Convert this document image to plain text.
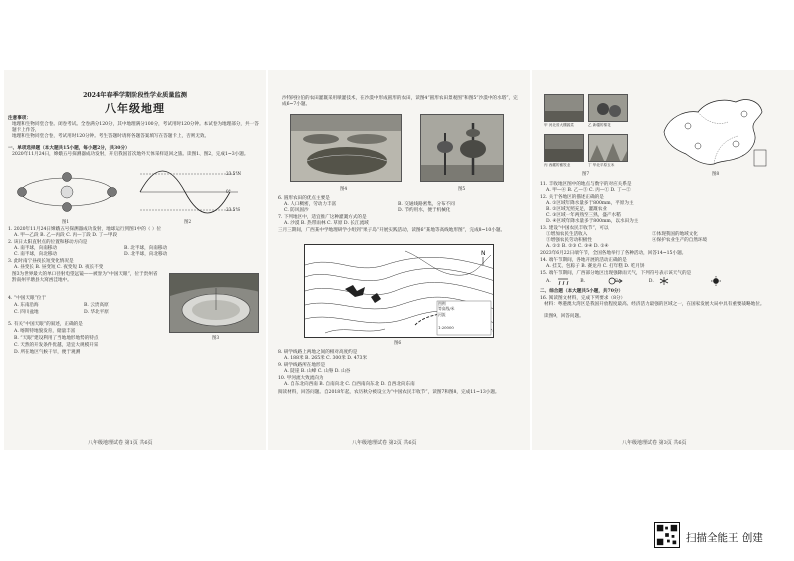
2024年春季学期阶段性学业质量监测
八年级地理
注意事项：
地理和生物同堂合卷。闭卷考试。全卷满分120分，其中地理满分100分，考试用时120分钟。本试卷为地理部分，共一答题卡上作答，
地理和生物同堂合卷，考试用时120分钟。考生答题时请将各题答案填写在答题卡上，否则无效。
一、单项选择题（本大题共15小题，每小题2分，共30分）
2020年11月24日，嫦娥五号探测器成功发射，开启我国首次地外天体采样返回之旅。读图1、图2，完成1~3小题。
图1
23.5°N
0°
23.5°S
图2
1. 2020年11月24日嫦娥五号探测器成功发射，地球运行到图1中的（ ）位
A. 甲—乙段 B. 乙—丙段 C. 丙—丁段 D. 丁—甲段
2. 该日太阳直射点的位置和移动方向是
A. 南半球，向南移动	B. 北半球，向南移动
C. 南半球，向北移动	D. 北半球，向北移动
3. 此时南宁昼夜长短变化情况是
A. 昼变长 B. 昼变短 C. 夜变短 D. 夜长不变
图3为世界最大的单口径射电望远镜——被誉为“中国天眼”，位于贵州省黔南州平塘县大窝凼洼地中。
图3
4. “中国天眼”位于
A. 东南沿海	B. 云贵高原
C. 四川盆地	D. 华北平原
5. 有关“中国天眼”的叙述，正确的是
A. 喀斯特地貌发育，储量丰富
B. “天眼”建设利用了当地地形地势的特点
C. 天然的开发条件优越，适宜大规模开采
D. 所在地区气候干旱，便于观测
八年级地理试卷 第1页 共6页
沙特阿拉伯的农田灌溉采用喷灌技术，在沙漠中形成圆形的农田，读图4“圆形农田景观图”和图5“沙漠中的水塔”，完成6~7小题。
图4	图5
6. 圆形农田的优点主要是
A. 人口稠密，劳动力丰富	B. 交通线路密集，分布不同
C. 防风固沙	D. 节约用水，便于机械化
7. 下列地区中，适宜推广这种灌溉方式的是
A. 沙漠 B. 热带雨林 C. 草原 D. 长江流域
三月三期间，广西某中学地理研学小组到“果子岛”开展实践活动，读图6“某地等高线地形图”，完成8~10小题。
N
图例
等高线/米
河流
1:20000
图6
8. 研学线路上两地之间的相对高度约是
A. 188米 B. 265米 C. 300米 D. 473米
9. 研学线路所在地形是
A. 陡崖 B. 山峰 C. 山脊 D. 山谷
10. 甲河流大致流向为
A. 自东北向西南 B. 自南向北 C. 自西南向东北 D. 自西北向东南
阅读材料，回答问题。自2018年起，农历秋分被设立为“中国农民丰收节”，读图7和图8，完成11~13小题。
八年级地理试卷 第2页 共6页
甲 河北省大棚蔬菜	乙 新疆的棉花
丙 西藏的畜牧业	丁 华北平原玉米
图7	图8
11. 丰收地区图中的地点与数字的对应关系是
A. 甲—④ B. 乙—③ C. 丙—① D. 丁—②
12. 关于各地区的描述正确的是
A. ①区域年降水量多于800mm，平原为主
B. ②区域光照充足，灌溉农业
C. ③区域一年两熟至三熟，盛产水稻
D. ④区域年降水量多于800mm，以水田为主
13. 建设“中国农民丰收节”，可以
①增加农民生活收入	②体现我国的地域文化
③增强农民劳动积极性	④保护农业生产的自然环境
A. ①② B. ②③ C. ③④ D. ①④
2023年6月22日端午节，全国各地举行了各种活动，回答14~15小题。
14. 端午节期间，各地开展的活动正确的是
A. 挂艾、包粽子 B. 赛龙舟 C. 打年糕 D. 吃月饼
15. 端午节期间，广西部分地区出现强降雨天气，下列符号表示该天气的是
A. B. C. D.
二、综合题（本大题共5小题，共70分）
16. 阅读图文材料，完成下列要求（8分）
材料：粤港澳大湾区是我国开放程度最高、经济活力最强的区域之一，在国家发展大局中具有重要战略地位。
读图9，回答问题。
八年级地理试卷 第3页 共6页
扫描全能王 创建
